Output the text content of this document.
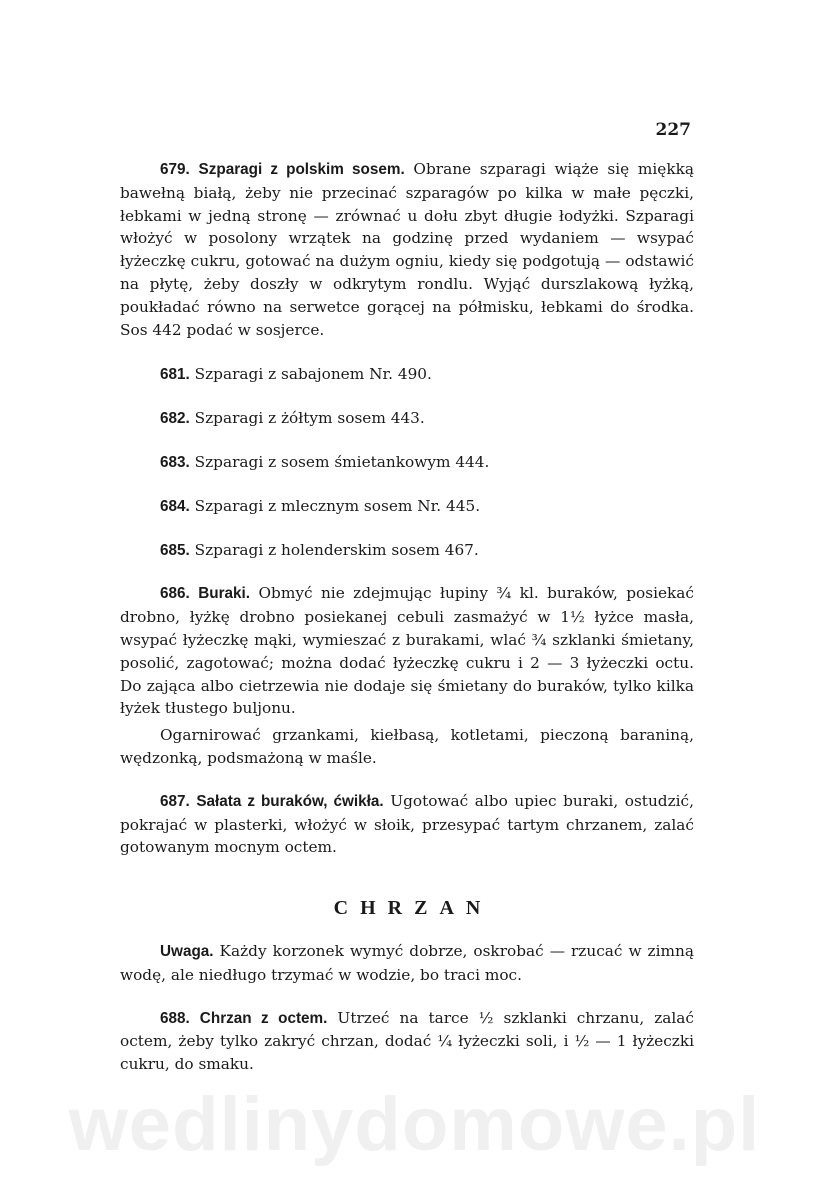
227

679. Szparagi z polskim sosem. Obrane szparagi wiąże się miękką bawełną białą, żeby nie przecinać szparagów po kilka w małe pęczki, łebkami w jedną stronę — zrównać u dołu zbyt długie łodyżki. Szparagi włożyć w posolony wrzątek na godzinę przed wydaniem — wsypać łyżeczkę cukru, gotować na dużym ogniu, kiedy się podgotują — odstawić na płytę, żeby doszły w odkrytym rondlu. Wyjąć durszlakową łyżką, poukładać równo na serwetce gorącej na półmisku, łebkami do środka. Sos 442 podać w sosjerce.

681. Szparagi z sabajonem Nr. 490.

682. Szparagi z żółtym sosem 443.

683. Szparagi z sosem śmietankowym 444.

684. Szparagi z mlecznym sosem Nr. 445.

685. Szparagi z holenderskim sosem 467.

686. Buraki. Obmyć nie zdejmując łupiny ¾ kl. buraków, posiekać drobno, łyżkę drobno posiekanej cebuli zasmażyć w 1½ łyżce masła, wsypać łyżeczkę mąki, wymieszać z burakami, wlać ¾ szklanki śmietany, posolić, zagotować; można dodać łyżeczkę cukru i 2 — 3 łyżeczki octu. Do zająca albo cietrzewia nie dodaje się śmietany do buraków, tylko kilka łyżek tłustego buljonu.

Ogarnirować grzankami, kiełbasą, kotletami, pieczoną baraniną, wędzonką, podsmażoną w maśle.

687. Sałata z buraków, ćwikła. Ugotować albo upiec buraki, ostudzić, pokrajać w plasterki, włożyć w słoik, przesypać tartym chrzanem, zalać gotowanym mocnym octem.

CHRZAN

Uwaga. Każdy korzonek wymyć dobrze, oskrobać — rzucać w zimną wodę, ale niedługo trzymać w wodzie, bo traci moc.

688. Chrzan z octem. Utrzeć na tarce ½ szklanki chrzanu, zalać octem, żeby tylko zakryć chrzan, dodać ¼ łyżeczki soli, i ½ — 1 łyżeczki cukru, do smaku.

wedlinydomowe.pl
